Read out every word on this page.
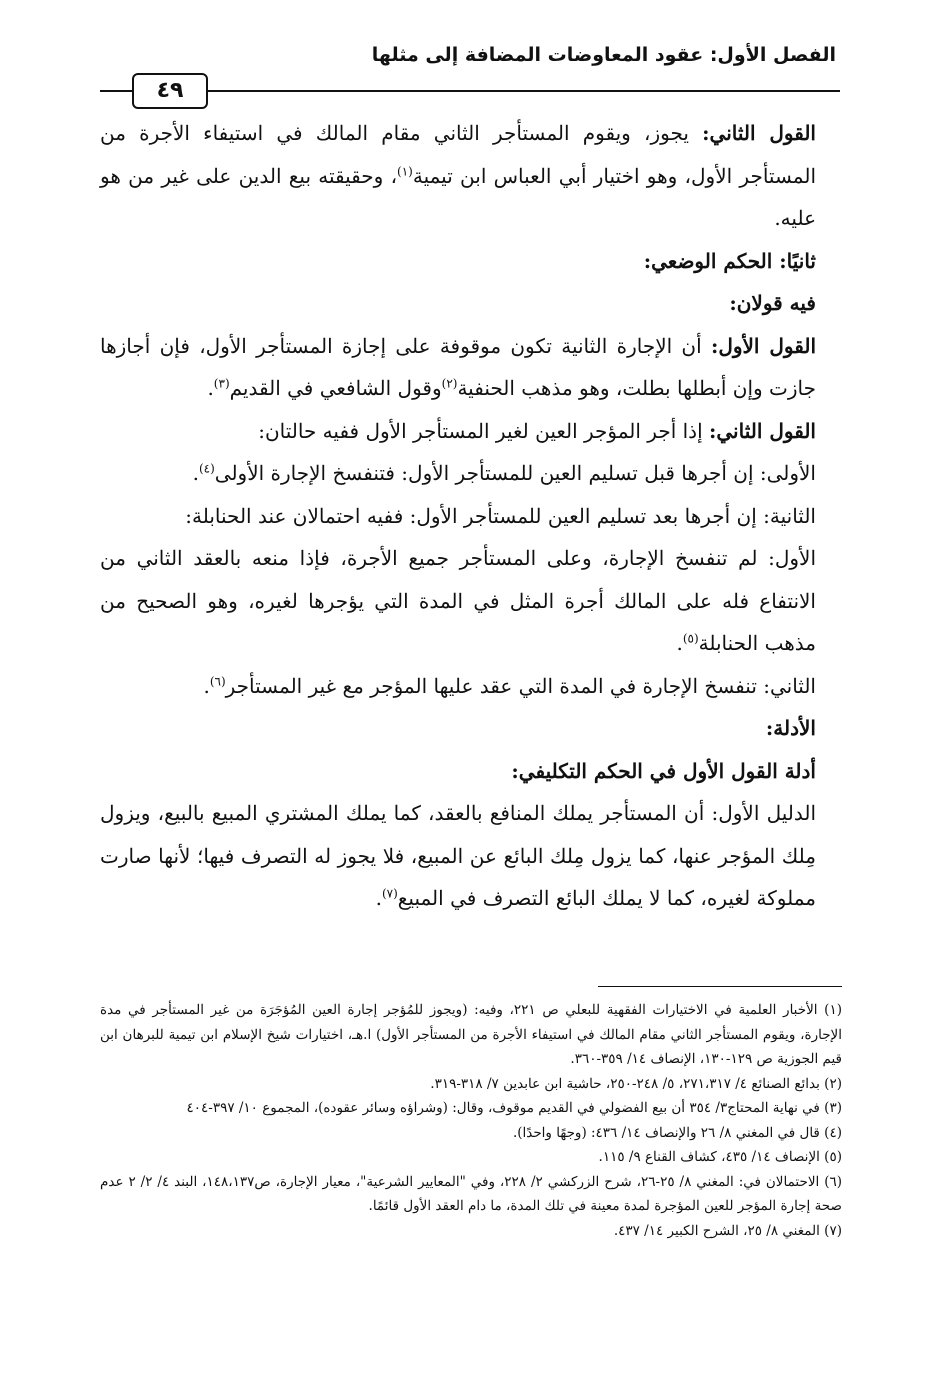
الفصل الأول: عقود المعاوضات المضافة إلى مثلها
٤٩

القول الثاني: يجوز، ويقوم المستأجر الثاني مقام المالك في استيفاء الأجرة من المستأجر الأول، وهو اختيار أبي العباس ابن تيمية$^{(١)}$، وحقيقته بيع الدين على غير من هو عليه.

ثانيًا: الحكم الوضعي:

فيه قولان:

القول الأول: أن الإجارة الثانية تكون موقوفة على إجازة المستأجر الأول، فإن أجازها جازت وإن أبطلها بطلت، وهو مذهب الحنفية$^{(٢)}$وقول الشافعي في القديم$^{(٣)}$.

القول الثاني: إذا أجر المؤجر العين لغير المستأجر الأول ففيه حالتان:

الأولى: إن أجرها قبل تسليم العين للمستأجر الأول: فتنفسخ الإجارة الأولى$^{(٤)}$.

الثانية: إن أجرها بعد تسليم العين للمستأجر الأول: ففيه احتمالان عند الحنابلة:

الأول: لم تنفسخ الإجارة، وعلى المستأجر جميع الأجرة، فإذا منعه بالعقد الثاني من الانتفاع فله على المالك أجرة المثل في المدة التي يؤجرها لغيره، وهو الصحيح من مذهب الحنابلة$^{(٥)}$.

الثاني: تنفسخ الإجارة في المدة التي عقد عليها المؤجر مع غير المستأجر$^{(٦)}$.

الأدلة:

أدلة القول الأول في الحكم التكليفي:

الدليل الأول: أن المستأجر يملك المنافع بالعقد، كما يملك المشتري المبيع بالبيع، ويزول مِلك المؤجر عنها، كما يزول مِلك البائع عن المبيع، فلا يجوز له التصرف فيها؛ لأنها صارت مملوكة لغيره، كما لا يملك البائع التصرف في المبيع$^{(٧)}$.

(١) الأخبار العلمية في الاختيارات الفقهية للبعلي ص ٢٢١، وفيه: (ويجوز للمُؤجر إجارة العين المُؤجَرَة من غير المستأجر في مدة الإجارة، ويقوم المستأجر الثاني مقام المالك في استيفاء الأجرة من المستأجر الأول) ا.هـ، اختيارات شيخ الإسلام ابن تيمية للبرهان ابن قيم الجوزية ص ١٢٩-١٣٠، الإنصاف ١٤/ ٣٥٩-٣٦٠.

(٢) بدائع الصنائع ٤/ ٢٧١،٣١٧، ٥/ ٢٤٨-٢٥٠، حاشية ابن عابدين ٧/ ٣١٨-٣١٩.

(٣) في نهاية المحتاج٣/ ٣٥٤ أن بيع الفضولي في القديم موقوف، وقال: (وشراؤه وسائر عقوده)، المجموع ١٠/ ٣٩٧-٤٠٤

(٤) قال في المغني ٨/ ٢٦ والإنصاف ١٤/ ٤٣٦: (وجهًا واحدًا).

(٥) الإنصاف ١٤/ ٤٣٥، كشاف القناع ٩/ ١١٥.

(٦) الاحتمالان في: المغني ٨/ ٢٥-٢٦، شرح الزركشي ٢/ ٢٢٨، وفي "المعايير الشرعية"، معيار الإجارة، ص١٤٨،١٣٧، البند ٤/ ٢/ ٢ عدم صحة إجارة المؤجر للعين المؤجرة لمدة معينة في تلك المدة، ما دام العقد الأول قائمًا.

(٧) المغني ٨/ ٢٥، الشرح الكبير ١٤/ ٤٣٧.
